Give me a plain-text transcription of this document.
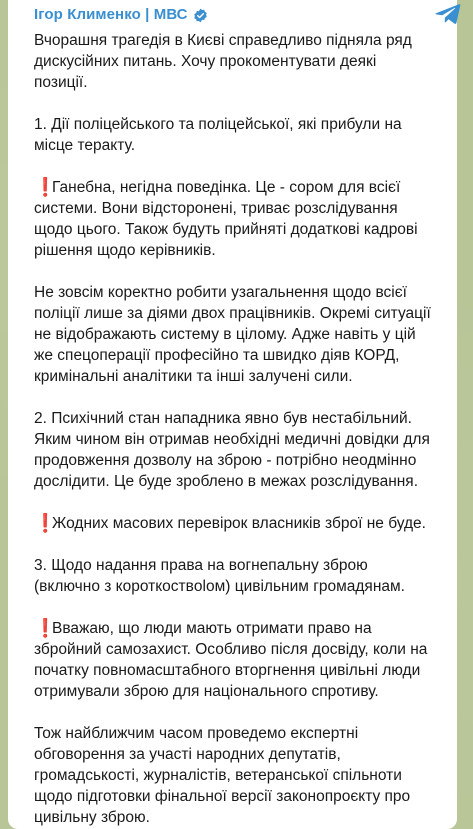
Ігор Клименко | МВС

Вчорашня трагедія в Києві справедливо підняла ряд дискусійних питань. Хочу прокоментувати деякі позиції.

1. Дії поліцейського та поліцейської, які прибули на місце теракту.

❗Ганебна, негідна поведінка. Це - сором для всієї системи. Вони відсторонені, триває розслідування щодо цього. Також будуть прийняті додаткові кадрові рішення щодо керівників.

Не зовсім коректно робити узагальнення щодо всієї поліції лише за діями двох працівників. Окремі ситуації не відображають систему в цілому. Адже навіть у цій же спецоперації професійно та швидко діяв КОРД, кримінальні аналітики та інші залучені сили.

2. Психічний стан нападника явно був нестабільний. Яким чином він отримав необхідні медичні довідки для продовження дозволу на зброю - потрібно неодмінно дослідити. Це буде зроблено в межах розслідування.

❗Жодних масових перевірок власників зброї не буде.

3. Щодо надання права на вогнепальну зброю (включно з короткоствolом) цивільним громадянам.

❗Вважаю, що люди мають отримати право на збройний самозахист. Особливо після досвіду, коли на початку повномасштабного вторгнення цивільні люди отримували зброю для національного спротиву.

Тож найближчим часом проведемо експертні обговорення за участі народних депутатів, громадськості, журналістів, ветеранської спільноти щодо підготовки фінальної версії законопроєкту про цивільну зброю.
